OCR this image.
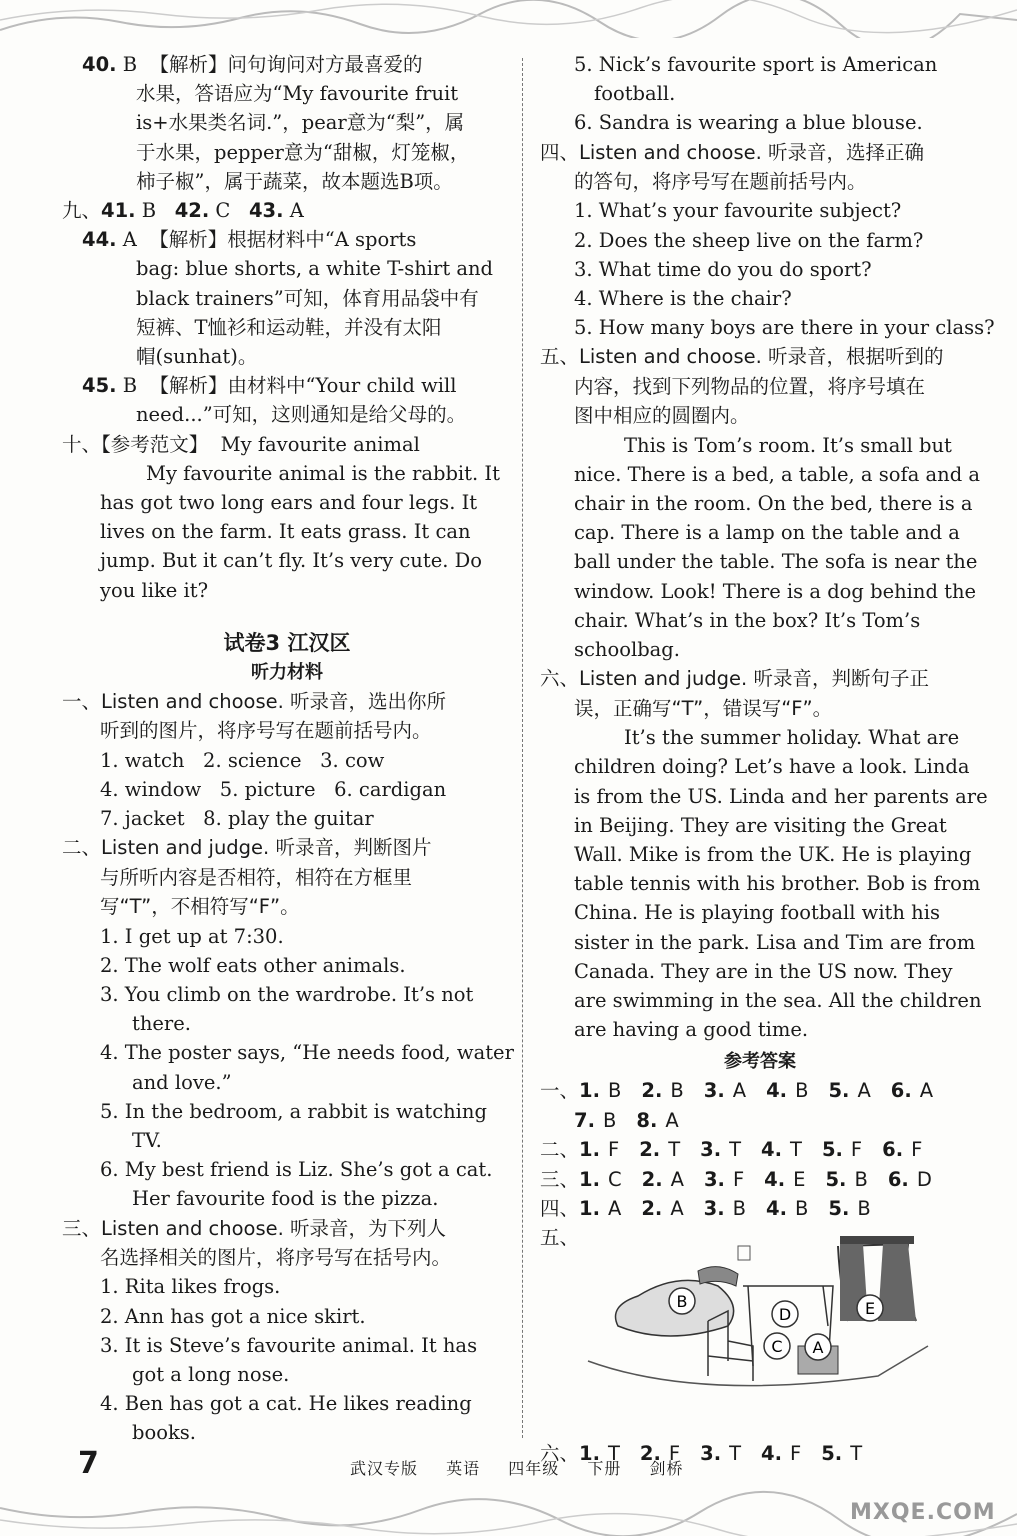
40. B  【解析】问句询问对方最喜爱的
水果，答语应为“My favourite fruit
is+水果类名词.”，pear意为“梨”，属
于水果，pepper意为“甜椒，灯笼椒，
柿子椒”，属于蔬菜，故本题选B项。
九、41. B   42. C   43. A
44. A  【解析】根据材料中“A sports
bag: blue shorts, a white T-shirt and
black trainers”可知，体育用品袋中有
短裤、T恤衫和运动鞋，并没有太阳
帽(sunhat)。
45. B  【解析】由材料中“Your child will
need...”可知，这则通知是给父母的。
十、【参考范文】  My favourite animal
My favourite animal is the rabbit. It
has got two long ears and four legs. It
lives on the farm. It eats grass. It can
jump. But it can’t fly. It’s very cute. Do
you like it?
试卷3 江汉区
听力材料
一、Listen and choose. 听录音，选出你所
听到的图片，将序号写在题前括号内。
1. watch   2. science   3. cow
4. window   5. picture   6. cardigan
7. jacket   8. play the guitar
二、Listen and judge. 听录音，判断图片
与所听内容是否相符，相符在方框里
写“T”，不相符写“F”。
1. I get up at 7:30.
2. The wolf eats other animals.
3. You climb on the wardrobe. It’s not
there.
4. The poster says, “He needs food, water
and love.”
5. In the bedroom, a rabbit is watching
TV.
6. My best friend is Liz. She’s got a cat.
Her favourite food is the pizza.
三、Listen and choose. 听录音，为下列人
名选择相关的图片，将序号写在括号内。
1. Rita likes frogs.
2. Ann has got a nice skirt.
3. It is Steve’s favourite animal. It has
got a long nose.
4. Ben has got a cat. He likes reading
books.
5. Nick’s favourite sport is American
football.
6. Sandra is wearing a blue blouse.
四、Listen and choose. 听录音，选择正确
的答句，将序号写在题前括号内。
1. What’s your favourite subject?
2. Does the sheep live on the farm?
3. What time do you do sport?
4. Where is the chair?
5. How many boys are there in your class?
五、Listen and choose. 听录音，根据听到的
内容，找到下列物品的位置，将序号填在
图中相应的圆圈内。
This is Tom’s room. It’s small but
nice. There is a bed, a table, a sofa and a
chair in the room. On the bed, there is a
cap. There is a lamp on the table and a
ball under the table. The sofa is near the
window. Look! There is a dog behind the
chair. What’s in the box? It’s Tom’s
schoolbag.
六、Listen and judge. 听录音，判断句子正
误，正确写“T”，错误写“F”。
It’s the summer holiday. What are
children doing? Let’s have a look. Linda
is from the US. Linda and her parents are
in Beijing. They are visiting the Great
Wall. Mike is from the UK. He is playing
table tennis with his brother. Bob is from
China. He is playing football with his
sister in the park. Lisa and Tim are from
Canada. They are in the US now. They
are swimming in the sea. All the children
are having a good time.
参考答案
一、1. B 2. B 3. A 4. B 5. A 6. A
7. B 8. A
二、1. F 2. T 3. T 4. T 5. F 6. F
三、1. C 2. A 3. F 4. E 5. B 6. D
四、1. A 2. A 3. B 4. B 5. B
五、
六、1. T 2. F 3. T 4. F 5. T
B
D	E
C A
7	武汉专版 英语 四年级 下册 剑桥
MXQE.COM
